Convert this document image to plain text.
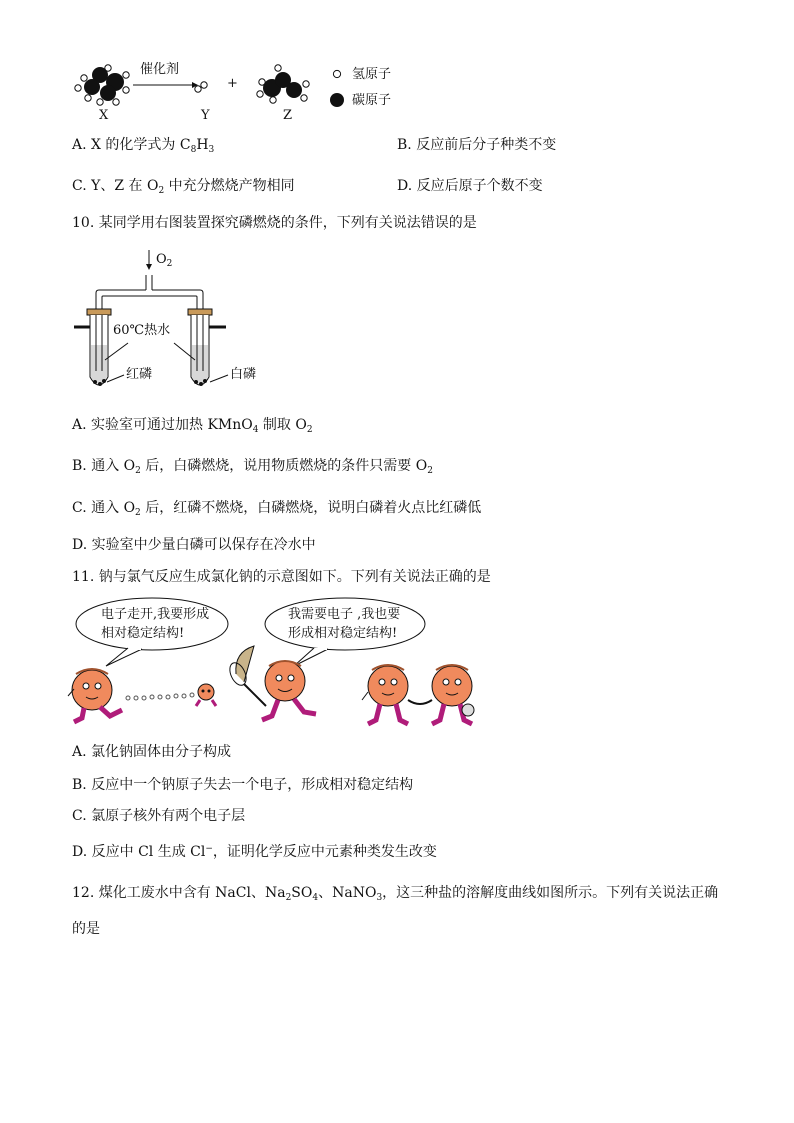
催化剂
X	Y
+
Z
氢原子
碳原子
A. X 的化学式为 $C_8H_3$	B. 反应前后分子种类不变
C. Y、Z 在 $O_2$ 中充分燃烧产物相同	D. 反应后原子个数不变
10. 某同学用右图装置探究磷燃烧的条件，下列有关说法错误的是
$O_2$
60℃热水
红磷	白磷
A. 实验室可通过加热 KMnO$_4$ 制取 $O_2$
B. 通入 $O_2$ 后，白磷燃烧，说用物质燃烧的条件只需要 $O_2$
C. 通入 $O_2$ 后，红磷不燃烧，白磷燃烧，说明白磷着火点比红磷低
D. 实验室中少量白磷可以保存在冷水中
11. 钠与氯气反应生成氯化钠的示意图如下。下列有关说法正确的是
电子走开,我要形成
相对稳定结构!
我需要电子 ,我也要
形成相对稳定结构!
A. 氯化钠固体由分子构成
B. 反应中一个钠原子失去一个电子，形成相对稳定结构
C. 氯原子核外有两个电子层
D. 反应中 Cl 生成 Cl−，证明化学反应中元素种类发生改变
12. 煤化工废水中含有 NaCl、$Na_2SO_4$、NaNO$_3$，这三种盐的溶解度曲线如图所示。下列有关说法正确
的是
